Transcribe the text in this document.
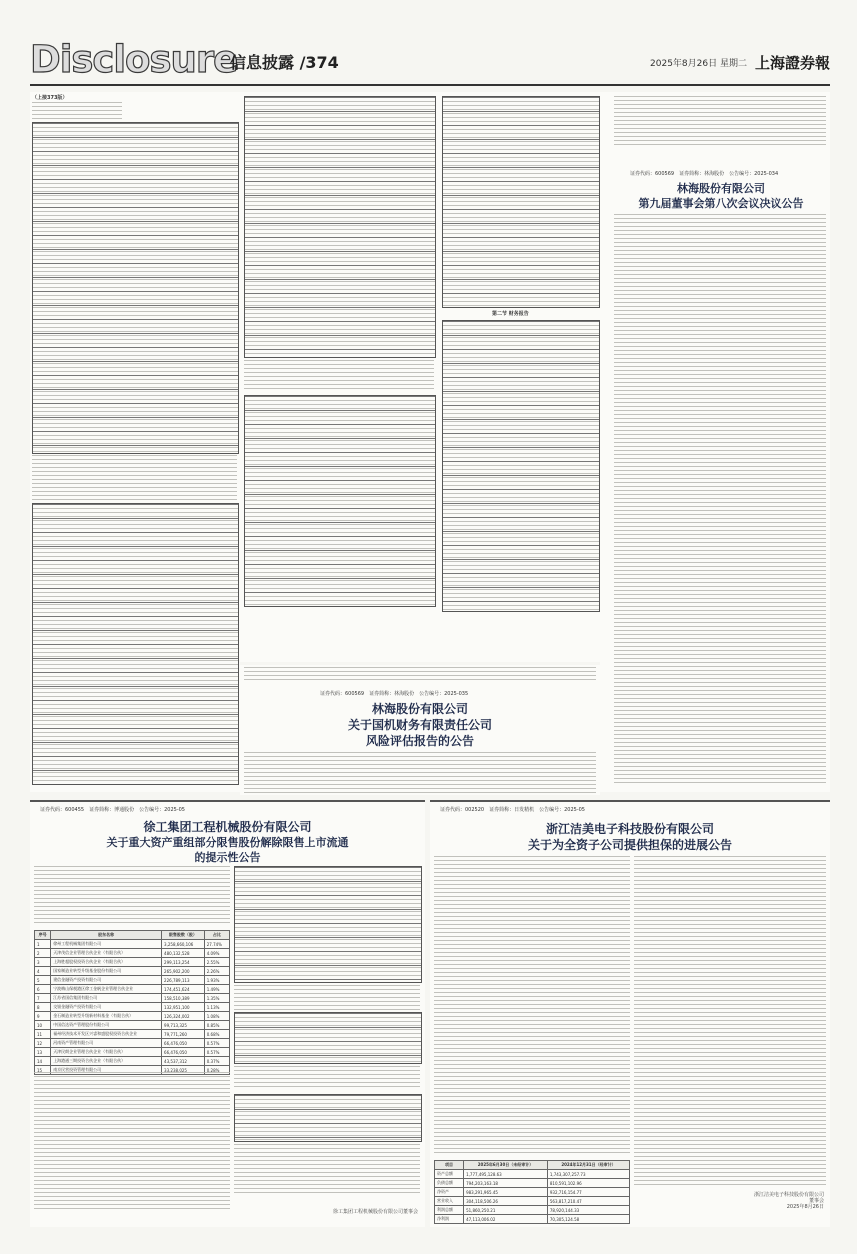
Disclosure
信息披露 /374	2025年8月26日 星期二 上海證券報
（上接373版）
第二节 财务报告
证券代码：600569　证券简称：林海股份　公告编号：2025-035
林海股份有限公司
关于国机财务有限责任公司
风险评估报告的公告
证券代码：600569　证券简称：林海股份　公告编号：2025-034
林海股份有限公司
第九届董事会第八次会议决议公告
证券代码：600455　证券简称：博通股份　公告编号：2025-05
徐工集团工程机械股份有限公司
关于重大资产重组部分限售股份解除限售上市流通
的提示性公告
序号	股东名称	限售股数（股）	占比
1	徐州工程机械集团有限公司	3,258,660,106	27.74%
2	天津茂信企业管理合伙企业（有限合伙）	480,132,528	4.09%
3	上海胜超股权投资合伙企业（有限合伙）	299,113,254	2.55%
4	国家制造业转型升级基金股份有限公司	265,902,200	2.26%
5	建信金融资产投资有限公司	226,789,113	1.93%
6	宁波梅山保税港区徐工金帆企业管理合伙企业	174,451,624	1.49%
7	江苏省国信集团有限公司	158,510,389	1.35%
8	交银金融资产投资有限公司	132,951,100	1.13%
9	金石制造业转型升级新材料基金（有限合伙）	126,324,002	1.08%
10	中国信达资产管理股份有限公司	99,713,325	0.85%
11	福州经济技术开发区兴睿和盛股权投资合伙企业	79,771,260	0.68%
12	河南资产管理有限公司	66,476,050	0.57%
13	天津民朗企业管理合伙企业（有限合伙）	66,476,050	0.57%
14	上海港通三期投资合伙企业（有限合伙）	43,537,312	0.37%
15	南京民营投资管理有限公司	33,238,025	0.28%
徐工集团工程机械股份有限公司董事会
证券代码：002520　证券简称：日发精机　公告编号：2025-05
浙江洁美电子科技股份有限公司
关于为全资子公司提供担保的进展公告
项目	2025年6月30日（未经审计）	2024年12月31日（经审计）
资产总额	1,777,495,128.63	1,743,307,257.73
负债总额	794,203,163.18	810,591,102.96
净资产	983,291,965.45	932,716,154.77
营业收入	304,118,506.26	563,817,210.47
利润总额	51,860,250.21	78,920,144.33
净利润	47,113,006.02	70,305,124.58
浙江洁美电子科技股份有限公司
董事会
2025年8月26日
